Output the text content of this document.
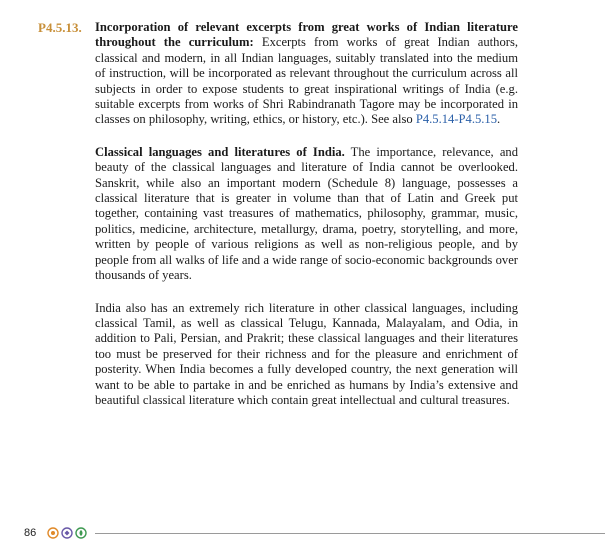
P4.5.13. Incorporation of relevant excerpts from great works of Indian literature throughout the curriculum: Excerpts from works of great Indian authors, classical and modern, in all Indian languages, suitably translated into the medium of instruction, will be incorporated as relevant throughout the curriculum across all subjects in order to expose students to great inspirational writings of India (e.g. suitable excerpts from works of Shri Rabindranath Tagore may be incorporated in classes on philosophy, writing, ethics, or history, etc.). See also P4.5.14-P4.5.15.

Classical languages and literatures of India. The importance, relevance, and beauty of the classical languages and literature of India cannot be overlooked. Sanskrit, while also an important modern (Schedule 8) language, possesses a classical literature that is greater in volume than that of Latin and Greek put together, containing vast treasures of mathematics, philosophy, grammar, music, politics, medicine, architecture, metallurgy, drama, poetry, storytelling, and more, written by people of various religions as well as non-religious people, and by people from all walks of life and a wide range of socio-economic backgrounds over thousands of years.

India also has an extremely rich literature in other classical languages, including classical Tamil, as well as classical Telugu, Kannada, Malayalam, and Odia, in addition to Pali, Persian, and Prakrit; these classical languages and their literatures too must be preserved for their richness and for the pleasure and enrichment of posterity. When India becomes a fully developed country, the next generation will want to be able to partake in and be enriched as humans by India’s extensive and beautiful classical literature which contain great intellectual and cultural treasures.

86
